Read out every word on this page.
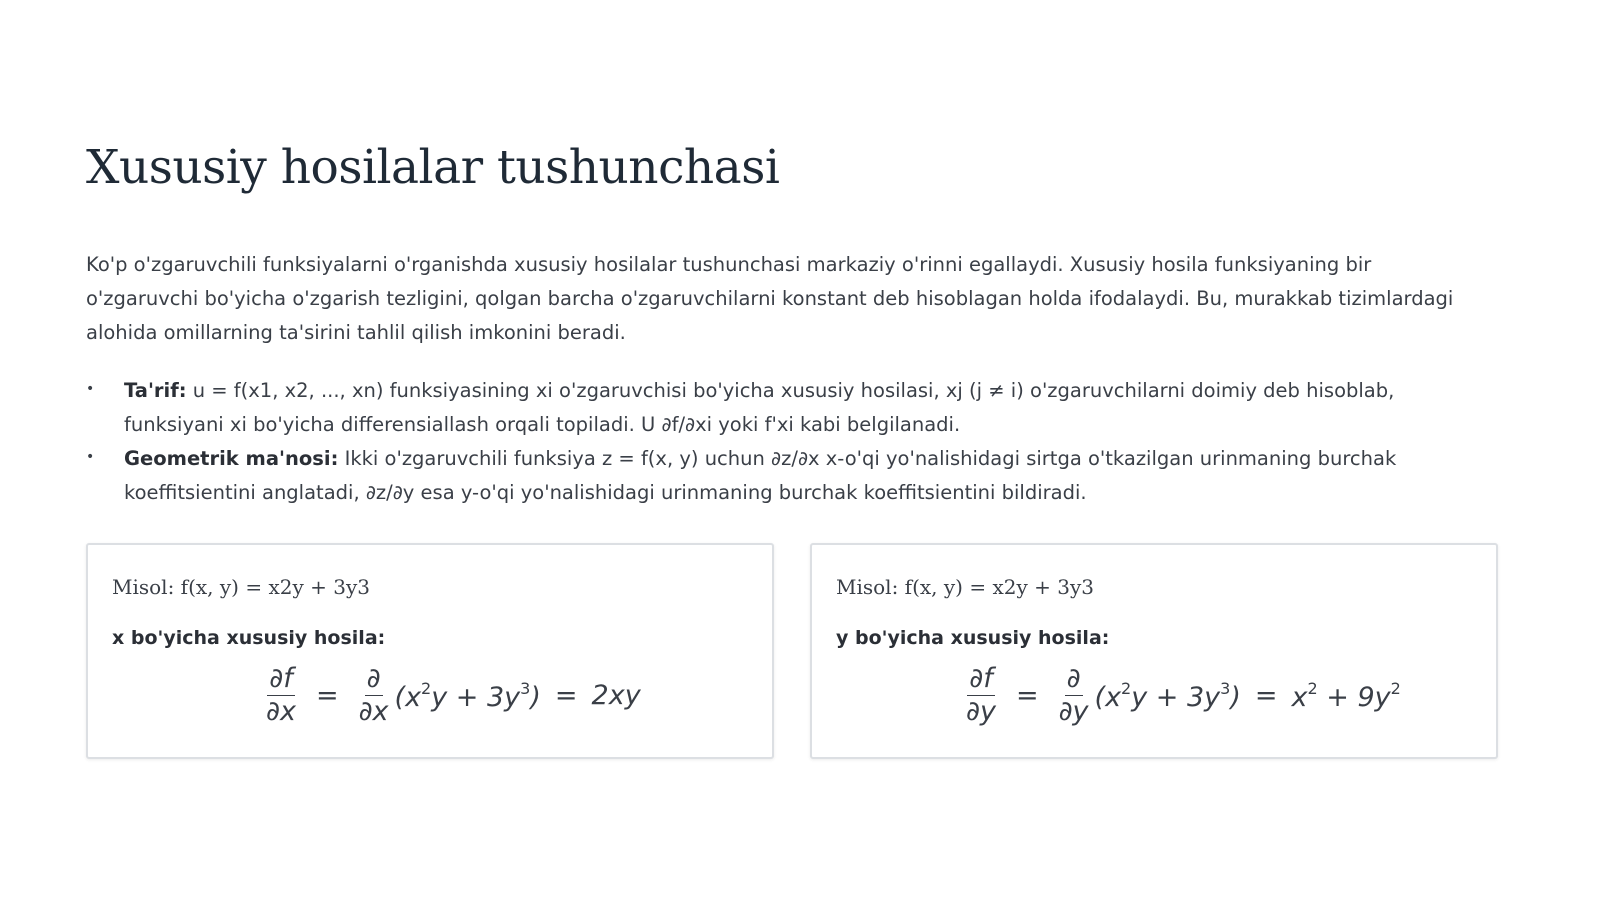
Xususiy hosilalar tushunchasi

Ko'p o'zgaruvchili funksiyalarni o'rganishda xususiy hosilalar tushunchasi markaziy o'rinni egallaydi. Xususiy hosila funksiyaning bir o'zgaruvchi bo'yicha o'zgarish tezligini, qolgan barcha o'zgaruvchilarni konstant deb hisoblagan holda ifodalaydi. Bu, murakkab tizimlardagi alohida omillarning ta'sirini tahlil qilish imkonini beradi.

• Ta'rif: u = f(x1, x2, ..., xn) funksiyasining xi o'zgaruvchisi bo'yicha xususiy hosilasi, xj (j ≠ i) o'zgaruvchilarni doimiy deb hisoblab, funksiyani xi bo'yicha differensiallash orqali topiladi. U ∂f/∂xi yoki f'xi kabi belgilanadi.
• Geometrik ma'nosi: Ikki o'zgaruvchili funksiya z = f(x, y) uchun ∂z/∂x x-o'qi yo'nalishidagi sirtga o'tkazilgan urinmaning burchak koeffitsientini anglatadi, ∂z/∂y esa y-o'qi yo'nalishidagi urinmaning burchak koeffitsientini bildiradi.
Misol: f(x, y) = x2y + 3y3
x bo'yicha xususiy hosila:
$\frac{\partial f}{\partial x} = \frac{\partial}{\partial x} (x^2y + 3y^3) = 2xy$
Misol: f(x, y) = x2y + 3y3
y bo'yicha xususiy hosila:
$\frac{\partial f}{\partial y} = \frac{\partial}{\partial y} (x^2y + 3y^3) = x^2 + 9y^2$
